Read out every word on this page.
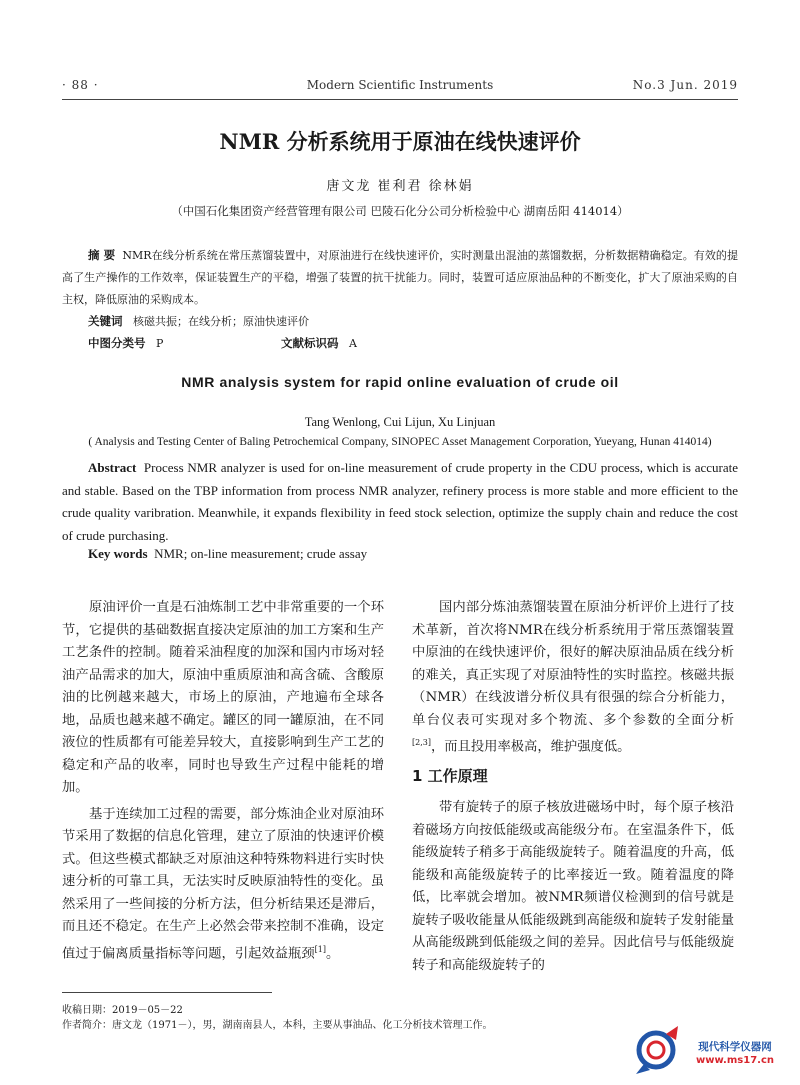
· 88 ·	Modern Scientific Instruments	No.3 Jun. 2019
NMR 分析系统用于原油在线快速评价
唐文龙 崔利君 徐林娟
（中国石化集团资产经营管理有限公司 巴陵石化分公司分析检验中心 湖南岳阳 414014）
摘 要 NMR在线分析系统在常压蒸馏装置中，对原油进行在线快速评价，实时测量出混油的蒸馏数据，分析数据精确稳定。有效的提高了生产操作的工作效率，保证装置生产的平稳，增强了装置的抗干扰能力。同时，装置可适应原油品种的不断变化，扩大了原油采购的自主权，降低原油的采购成本。
关键词 核磁共振；在线分析；原油快速评价
中图分类号 P	文献标识码 A
NMR analysis system for rapid online evaluation of crude oil
Tang Wenlong, Cui Lijun, Xu Linjuan
( Analysis and Testing Center of Baling Petrochemical Company, SINOPEC Asset Management Corporation, Yueyang, Hunan 414014)
Abstract Process NMR analyzer is used for on-line measurement of crude property in the CDU process, which is accurate and stable. Based on the TBP information from process NMR analyzer, refinery process is more stable and more efficient to the crude quality varibration. Meanwhile, it expands flexibility in feed stock selection, optimize the supply chain and reduce the cost of crude purchasing.
Key words NMR; on-line measurement; crude assay

原油评价一直是石油炼制工艺中非常重要的一个环节，它提供的基础数据直接决定原油的加工方案和生产工艺条件的控制。随着采油程度的加深和国内市场对轻油产品需求的加大，原油中重质原油和高含硫、含酸原油的比例越来越大，市场上的原油，产地遍布全球各地，品质也越来越不确定。罐区的同一罐原油，在不同液位的性质都有可能差异较大，直接影响到生产工艺的稳定和产品的收率，同时也导致生产过程中能耗的增加。

基于连续加工过程的需要，部分炼油企业对原油环节采用了数据的信息化管理，建立了原油的快速评价模式。但这些模式都缺乏对原油这种特殊物料进行实时快速分析的可靠工具，无法实时反映原油特性的变化。虽然采用了一些间接的分析方法，但分析结果还是滞后，而且还不稳定。在生产上必然会带来控制不准确，设定值过于偏离质量指标等问题，引起效益瓶颈[1]。

国内部分炼油蒸馏装置在原油分析评价上进行了技术革新，首次将NMR在线分析系统用于常压蒸馏装置中原油的在线快速评价，很好的解决原油品质在线分析的难关，真正实现了对原油特性的实时监控。核磁共振（NMR）在线波谱分析仪具有很强的综合分析能力，单台仪表可实现对多个物流、多个参数的全面分析[2,3]，而且投用率极高，维护强度低。

1 工作原理

带有旋转子的原子核放进磁场中时，每个原子核沿着磁场方向按低能级或高能级分布。在室温条件下，低能级旋转子稍多于高能级旋转子。随着温度的升高，低能级和高能级旋转子的比率接近一致。随着温度的降低，比率就会增加。被NMR频谱仪检测到的信号就是旋转子吸收能量从低能级跳到高能级和旋转子发射能量从高能级跳到低能级之间的差异。因此信号与低能级旋转子和高能级旋转子的

收稿日期：2019－05－22
作者简介：唐文龙（1971－），男，湖南南县人，本科，主要从事油品、化工分析技术管理工作。
现代科学仪器网
www.ms17.cn
